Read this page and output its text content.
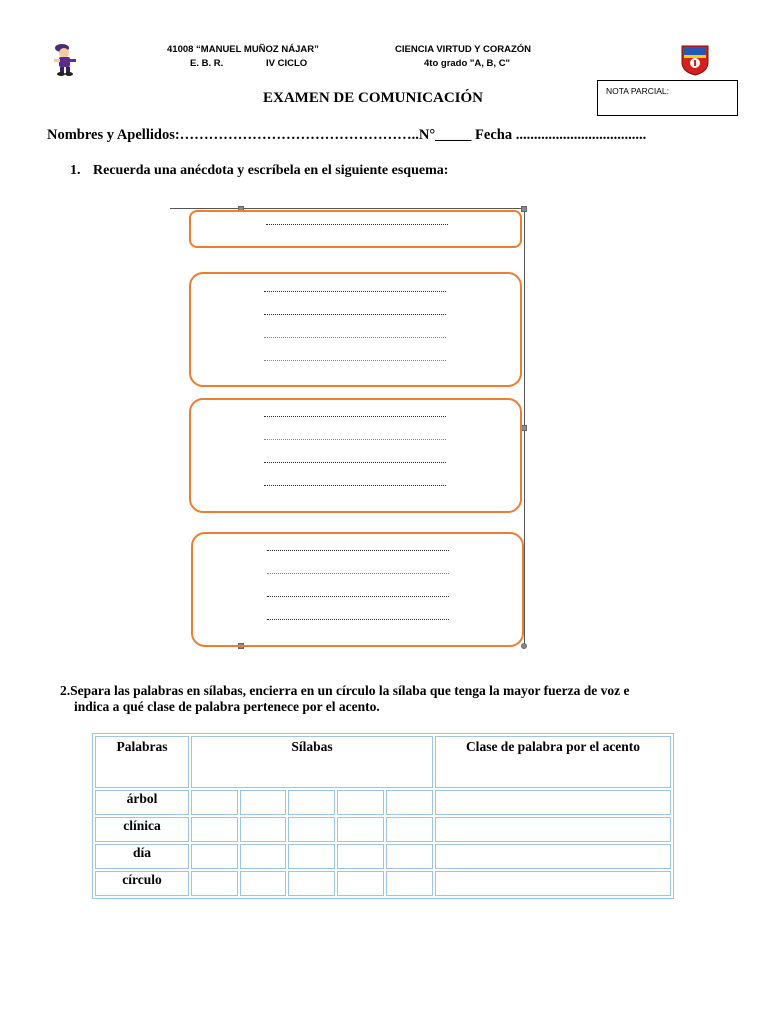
41008 “MANUEL MUÑOZ NÁJAR”
E. B. R.	IV CICLO
CIENCIA VIRTUD Y CORAZÓN
4to grado "A, B, C"
NOTA PARCIAL:
EXAMEN DE COMUNICACIÓN
Nombres y Apellidos:…………………………………………..N°_____ Fecha ....................................
1. Recuerda una anécdota y escríbela en el siguiente esquema:
2.Separa las palabras en sílabas, encierra en un círculo la sílaba que tenga la mayor fuerza de voz e
indica a qué clase de palabra pertenece por el acento.
Palabras	Sílabas					Clase de palabra por el acento
árbol						
clínica						
día						
círculo						
